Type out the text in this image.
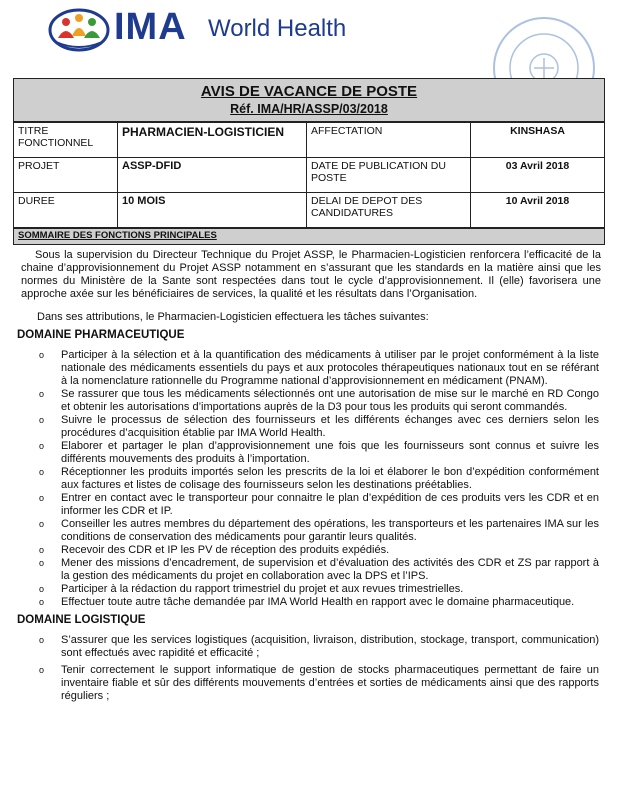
IMA World Health
AVIS DE VACANCE DE POSTE
Réf. IMA/HR/ASSP/03/2018
TITRE FONCTIONNEL	PHARMACIEN-LOGISTICIEN	AFFECTATION	KINSHASA
PROJET	ASSP-DFID	DATE DE PUBLICATION DU POSTE	03 Avril 2018
DUREE	10 MOIS	DELAI DE DEPOT DES CANDIDATURES	10 Avril 2018
SOMMAIRE DES FONCTIONS PRINCIPALES
Sous la supervision du Directeur Technique du Projet ASSP, le Pharmacien-Logisticien renforcera l’efficacité de la chaine d’approvisionnement du Projet ASSP notamment en s’assurant que les standards en la matière ainsi que les normes du Ministère de la Sante sont respectées dans tout le cycle d’approvisionnement. Il (elle) favorisera une approche axée sur les bénéficiaires de services, la qualité et les résultats dans l’Organisation.
Dans ses attributions, le Pharmacien-Logisticien effectuera les tâches suivantes:
DOMAINE PHARMACEUTIQUE
o Participer à la sélection et à la quantification des médicaments à utiliser par le projet conformément à la liste nationale des médicaments essentiels du pays et aux protocoles thérapeutiques nationaux tout en se référant à la nomenclature rationnelle du Programme national d’approvisionnement en médicament (PNAM).
o Se rassurer que tous les médicaments sélectionnés ont une autorisation de mise sur le marché en RD Congo et obtenir les autorisations d’importations auprès de la D3 pour tous les produits qui seront commandés.
o Suivre le processus de sélection des fournisseurs et les différents échanges avec ces derniers selon les procédures d’acquisition établie par IMA World Health.
o Elaborer et partager le plan d’approvisionnement une fois que les fournisseurs sont connus et suivre les différents mouvements des produits à l’importation.
o Réceptionner les produits importés selon les prescrits de la loi et élaborer le bon d’expédition conformément aux factures et listes de colisage des fournisseurs selon les destinations préétablies.
o Entrer en contact avec le transporteur pour connaitre le plan d’expédition de ces produits vers les CDR et en informer les CDR et IP.
o Conseiller les autres membres du département des opérations, les transporteurs et les partenaires IMA sur les conditions de conservation des médicaments pour garantir leurs qualités.
o Recevoir des CDR et IP les PV de réception des produits expédiés.
o Mener des missions d’encadrement, de supervision et d’évaluation des activités des CDR et ZS par rapport à la gestion des médicaments du projet en collaboration avec la DPS et l’IPS.
o Participer à la rédaction du rapport trimestriel du projet et aux revues trimestrielles.
o Effectuer toute autre tâche demandée par IMA World Health en rapport avec le domaine pharmaceutique.
DOMAINE LOGISTIQUE
o S’assurer que les services logistiques (acquisition, livraison, distribution, stockage, transport, communication) sont effectués avec rapidité et efficacité ;
o Tenir correctement le support informatique de gestion de stocks pharmaceutiques permettant de faire un inventaire fiable et sûr des différents mouvements d’entrées et sorties de médicaments ainsi que des rapports réguliers ;
